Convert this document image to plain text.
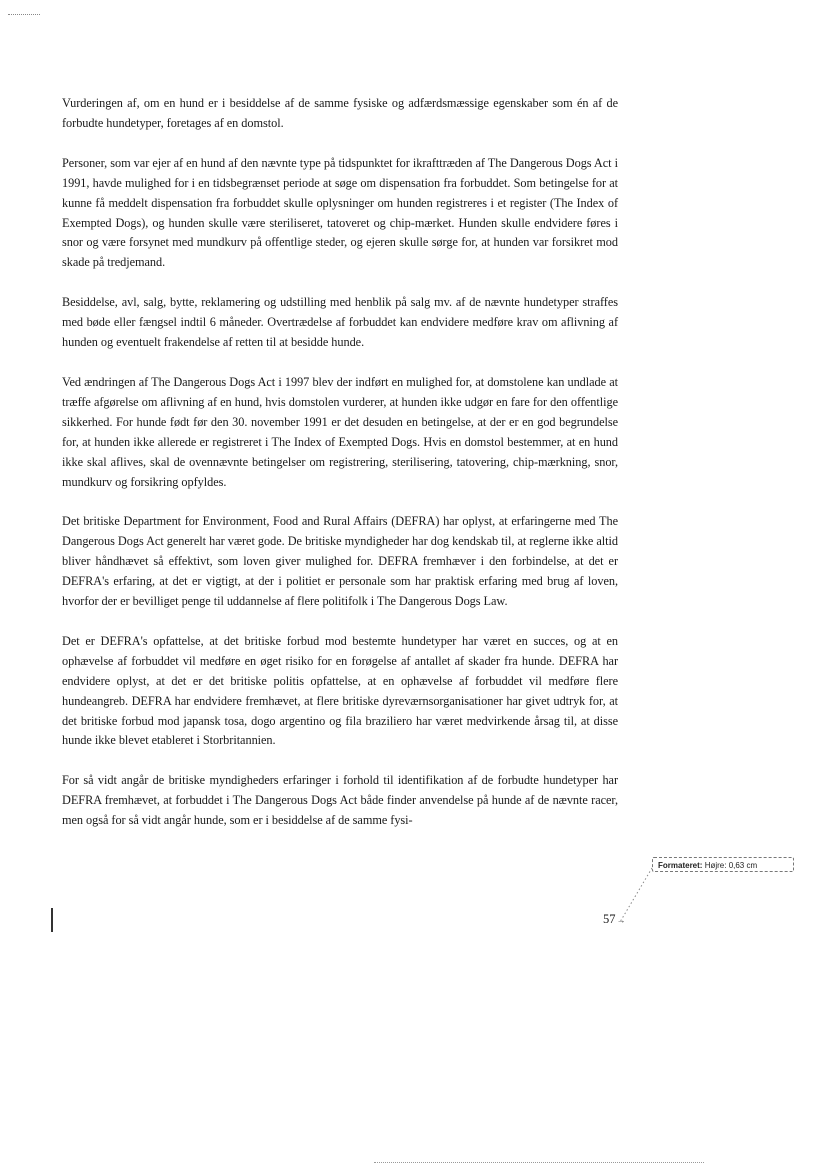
Vurderingen af, om en hund er i besiddelse af de samme fysiske og adfærdsmæssige egenskaber som én af de forbudte hundetyper, foretages af en domstol.

Personer, som var ejer af en hund af den nævnte type på tidspunktet for ikrafttræden af The Dangerous Dogs Act i 1991, havde mulighed for i en tidsbegrænset periode at søge om dispensation fra forbuddet. Som betingelse for at kunne få meddelt dispensation fra forbuddet skulle oplysninger om hunden registreres i et register (The Index of Exempted Dogs), og hunden skulle være steriliseret, tatoveret og chip-mærket. Hunden skulle endvidere føres i snor og være forsynet med mundkurv på offentlige steder, og ejeren skulle sørge for, at hunden var forsikret mod skade på tredjemand.

Besiddelse, avl, salg, bytte, reklamering og udstilling med henblik på salg mv. af de nævnte hundetyper straffes med bøde eller fængsel indtil 6 måneder. Overtrædelse af forbuddet kan endvidere medføre krav om aflivning af hunden og eventuelt frakendelse af retten til at besidde hunde.

Ved ændringen af The Dangerous Dogs Act i 1997 blev der indført en mulighed for, at domstolene kan undlade at træffe afgørelse om aflivning af en hund, hvis domstolen vurderer, at hunden ikke udgør en fare for den offentlige sikkerhed. For hunde født før den 30. november 1991 er det desuden en betingelse, at der er en god begrundelse for, at hunden ikke allerede er registreret i The Index of Exempted Dogs. Hvis en domstol bestemmer, at en hund ikke skal aflives, skal de ovennævnte betingelser om registrering, sterilisering, tatovering, chip-mærkning, snor, mundkurv og forsikring opfyldes.

Det britiske Department for Environment, Food and Rural Affairs (DEFRA) har oplyst, at erfaringerne med The Dangerous Dogs Act generelt har været gode. De britiske myndigheder har dog kendskab til, at reglerne ikke altid bliver håndhævet så effektivt, som loven giver mulighed for. DEFRA fremhæver i den forbindelse, at det er DEFRA's erfaring, at det er vigtigt, at der i politiet er personale som har praktisk erfaring med brug af loven, hvorfor der er bevilliget penge til uddannelse af flere politifolk i The Dangerous Dogs Law.

Det er DEFRA's opfattelse, at det britiske forbud mod bestemte hundetyper har været en succes, og at en ophævelse af forbuddet vil medføre en øget risiko for en forøgelse af antallet af skader fra hunde. DEFRA har endvidere oplyst, at det er det britiske politis opfattelse, at en ophævelse af forbuddet vil medføre flere hundeangreb. DEFRA har endvidere fremhævet, at flere britiske dyreværnsorganisationer har givet udtryk for, at det britiske forbud mod japansk tosa, dogo argentino og fila braziliero har været medvirkende årsag til, at disse hunde ikke blevet etableret i Storbritannien.

For så vidt angår de britiske myndigheders erfaringer i forhold til identifikation af de forbudte hundetyper har DEFRA fremhævet, at forbuddet i The Dangerous Dogs Act både finder anvendelse på hunde af de nævnte racer, men også for så vidt angår hunde, som er i besiddelse af de samme fysi-

Formateret: Højre: 0,63 cm
57→
